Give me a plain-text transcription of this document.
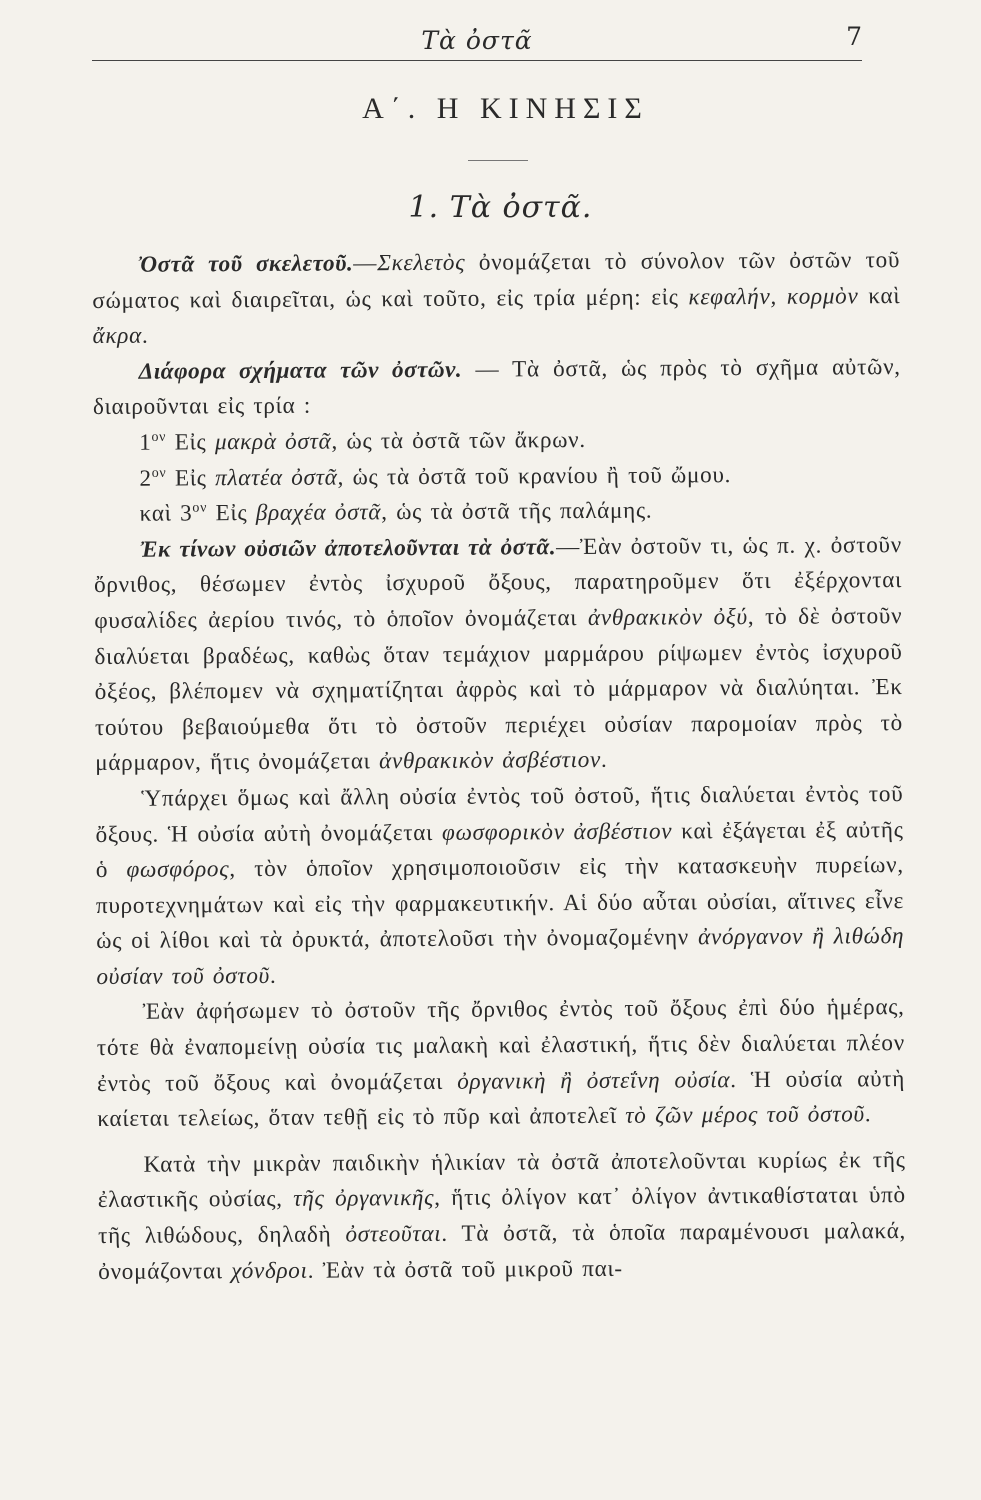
Τὰ ὀστᾶ	7
Α΄. Η ΚΙΝΗΣΙΣ
1. Τὰ ὀστᾶ.

Ὀστᾶ τοῦ σκελετοῦ.—Σκελετὸς ὀνομάζεται τὸ σύνολον τῶν ὀστῶν τοῦ σώματος καὶ διαιρεῖται, ὡς καὶ τοῦτο, εἰς τρία μέρη: εἰς κεφαλήν, κορμὸν καὶ ἄκρα.

Διάφορα σχήματα τῶν ὀστῶν. — Τὰ ὀστᾶ, ὡς πρὸς τὸ σχῆμα αὐτῶν, διαιροῦνται εἰς τρία :

$1^{o\nu}$ Εἰς μακρὰ ὀστᾶ, ὡς τὰ ὀστᾶ τῶν ἄκρων.

$2^{o\nu}$ Εἰς πλατέα ὀστᾶ, ὡς τὰ ὀστᾶ τοῦ κρανίου ἢ τοῦ ὤμου.

καὶ $3^{o\nu}$ Εἰς βραχέα ὀστᾶ, ὡς τὰ ὀστᾶ τῆς παλάμης.

Ἐκ τίνων οὐσιῶν ἀποτελοῦνται τὰ ὀστᾶ.—Ἐὰν ὀστοῦν τι, ὡς π. χ. ὀστοῦν ὄρνιθος, θέσωμεν ἐντὸς ἰσχυροῦ ὄξους, παρατηροῦμεν ὅτι ἐξέρχονται φυσαλίδες ἀερίου τινός, τὸ ὁποῖον ὀνομάζεται ἀνθρακικὸν ὀξύ, τὸ δὲ ὀστοῦν διαλύεται βραδέως, καθὼς ὅταν τεμάχιον μαρμάρου ρίψωμεν ἐντὸς ἰσχυροῦ ὀξέος, βλέπομεν νὰ σχηματίζηται ἀφρὸς καὶ τὸ μάρμαρον νὰ διαλύηται. Ἐκ τούτου βεβαιούμεθα ὅτι τὸ ὀστοῦν περιέχει οὐσίαν παρομοίαν πρὸς τὸ μάρμαρον, ἥτις ὀνομάζεται ἀνθρακικὸν ἀσβέστιον.

Ὑπάρχει ὅμως καὶ ἄλλη οὐσία ἐντὸς τοῦ ὀστοῦ, ἥτις διαλύεται ἐντὸς τοῦ ὄξους. Ἡ οὐσία αὐτὴ ὀνομάζεται φωσφορικὸν ἀσβέστιον καὶ ἐξάγεται ἐξ αὐτῆς ὁ φωσφόρος, τὸν ὁποῖον χρησιμοποιοῦσιν εἰς τὴν κατασκευὴν πυρείων, πυροτεχνημάτων καὶ εἰς τὴν φαρμακευτικήν. Αἱ δύο αὗται οὐσίαι, αἵτινες εἶνε ὡς οἱ λίθοι καὶ τὰ ὀρυκτά, ἀποτελοῦσι τὴν ὀνομαζομένην ἀνόργανον ἢ λιθώδη οὐσίαν τοῦ ὀστοῦ.

Ἐὰν ἀφήσωμεν τὸ ὀστοῦν τῆς ὄρνιθος ἐντὸς τοῦ ὄξους ἐπὶ δύο ἡμέρας, τότε θὰ ἐναπομείνῃ οὐσία τις μαλακὴ καὶ ἐλαστική, ἥτις δὲν διαλύεται πλέον ἐντὸς τοῦ ὄξους καὶ ὀνομάζεται ὀργανικὴ ἢ ὀστεΐνη οὐσία. Ἡ οὐσία αὐτὴ καίεται τελείως, ὅταν τεθῇ εἰς τὸ πῦρ καὶ ἀποτελεῖ τὸ ζῶν μέρος τοῦ ὀστοῦ.

Κατὰ τὴν μικρὰν παιδικὴν ἡλικίαν τὰ ὀστᾶ ἀποτελοῦνται κυρίως ἐκ τῆς ἐλαστικῆς οὐσίας, τῆς ὀργανικῆς, ἥτις ὀλίγον κατ᾽ ὀλίγον ἀντικαθίσταται ὑπὸ τῆς λιθώδους, δηλαδὴ ὀστεοῦται. Τὰ ὀστᾶ, τὰ ὁποῖα παραμένουσι μαλακά, ὀνομάζονται χόνδροι. Ἐὰν τὰ ὀστᾶ τοῦ μικροῦ παι-
